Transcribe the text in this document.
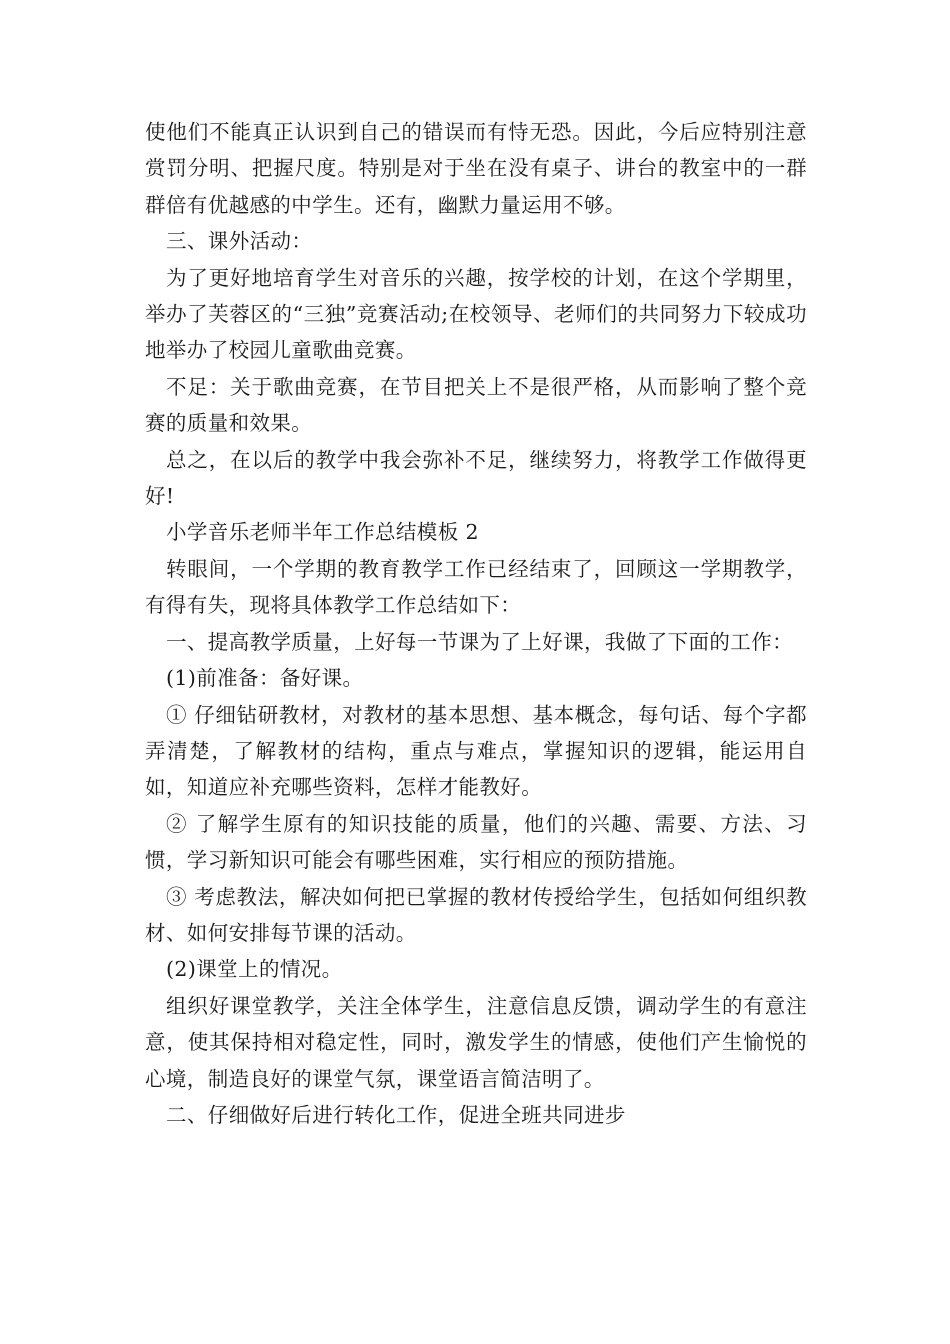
使他们不能真正认识到自己的错误而有恃无恐。因此，今后应特别注意赏罚分明、把握尺度。特别是对于坐在没有桌子、讲台的教室中的一群群倍有优越感的中学生。还有，幽默力量运用不够。

三、课外活动：

为了更好地培育学生对音乐的兴趣，按学校的计划，在这个学期里，举办了芙蓉区的“三独”竞赛活动;在校领导、老师们的共同努力下较成功地举办了校园儿童歌曲竞赛。

不足：关于歌曲竞赛，在节目把关上不是很严格，从而影响了整个竞赛的质量和效果。

总之，在以后的教学中我会弥补不足，继续努力，将教学工作做得更好!

小学音乐老师半年工作总结模板 2

转眼间，一个学期的教育教学工作已经结束了，回顾这一学期教学，有得有失，现将具体教学工作总结如下：

一、提高教学质量，上好每一节课为了上好课，我做了下面的工作：

(1)前准备：备好课。

① 仔细钻研教材，对教材的基本思想、基本概念，每句话、每个字都弄清楚，了解教材的结构，重点与难点，掌握知识的逻辑，能运用自如，知道应补充哪些资料，怎样才能教好。

② 了解学生原有的知识技能的质量，他们的兴趣、需要、方法、习惯，学习新知识可能会有哪些困难，实行相应的预防措施。

③ 考虑教法，解决如何把已掌握的教材传授给学生，包括如何组织教材、如何安排每节课的活动。

(2)课堂上的情况。

组织好课堂教学，关注全体学生，注意信息反馈，调动学生的有意注意，使其保持相对稳定性，同时，激发学生的情感，使他们产生愉悦的心境，制造良好的课堂气氛，课堂语言简洁明了。

二、仔细做好后进行转化工作，促进全班共同进步
